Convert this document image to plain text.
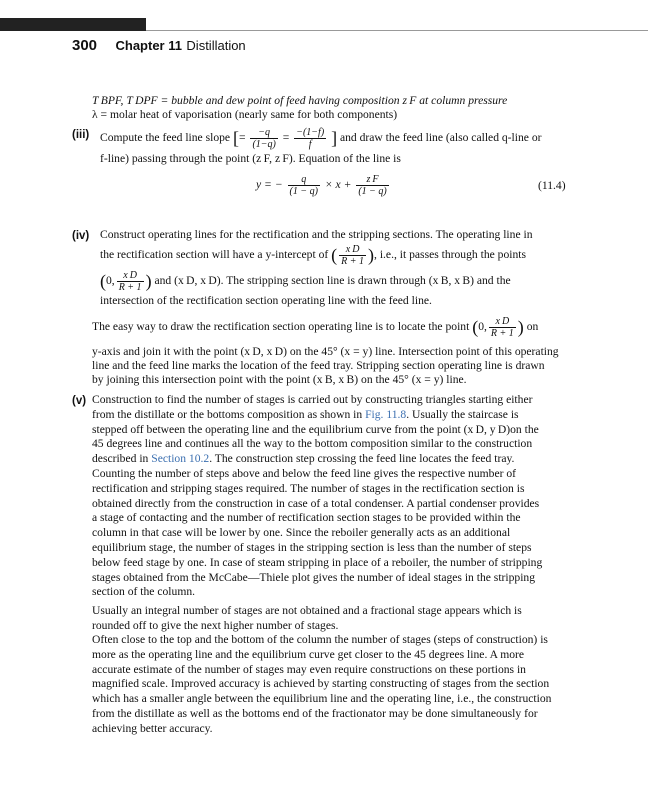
300 Chapter 11 Distillation
T BPF, T DPF = bubble and dew point of feed having composition z F at column pressure
λ = molar heat of vaporisation (nearly same for both components)
(iii) Compute the feed line slope [= $\frac{-q}{(1-q)} = \frac{-(1-f)}{f}$ ] and draw the feed line (also called q-line or
f-line) passing through the point (z F, z F). Equation of the line is
y = − $\frac{q}{(1 - q)} \times x + \frac{\text{z F}}{(1 - q)}$	(11.4)
(iv) Construct operating lines for the rectification and the stripping sections. The operating line in
the rectification section will have a y-intercept of ( $\frac{\text{x D}}{R + 1}$ ), i.e., it passes through the points
(0, $\frac{\text{x D}}{R + 1}$ ) and (x D, x D). The stripping section line is drawn through (x B, x B) and the
intersection of the rectification section operating line with the feed line.
The easy way to draw the rectification section operating line is to locate the point (0, $\frac{\text{x D}}{R + 1}$ ) on
y-axis and join it with the point (x D, x D) on the 45° (x = y) line. Intersection point of this operating
line and the feed line marks the location of the feed tray. Stripping section operating line is drawn
by joining this intersection point with the point (x B, x B) on the 45° (x = y) line.
(v) Construction to find the number of stages is carried out by constructing triangles starting either

from the distillate or the bottoms composition as shown in Fig. 11.8. Usually the staircase is

stepped off between the operating line and the equilibrium curve from the point (x D, y D)on the

45 degrees line and continues all the way to the bottom composition similar to the construction

described in Section 10.2. The construction step crossing the feed line locates the feed tray.

Counting the number of steps above and below the feed line gives the respective number of

rectification and stripping stages required. The number of stages in the rectification section is

obtained directly from the construction in case of a total condenser. A partial condenser provides

a stage of contacting and the number of rectification section stages to be provided within the

column in that case will be lower by one. Since the reboiler generally acts as an additional

equilibrium stage, the number of stages in the stripping section is less than the number of steps

below feed stage by one. In case of steam stripping in place of a reboiler, the number of stripping

stages obtained from the McCabe—Thiele plot gives the number of ideal stages in the stripping

section of the column.

Usually an integral number of stages are not obtained and a fractional stage appears which is

rounded off to give the next higher number of stages.

Often close to the top and the bottom of the column the number of stages (steps of construction) is

more as the operating line and the equilibrium curve get closer to the 45 degrees line. A more

accurate estimate of the number of stages may even require constructions on these portions in

magnified scale. Improved accuracy is achieved by starting constructing of stages from the section

which has a smaller angle between the equilibrium line and the operating line, i.e., the construction

from the distillate as well as the bottoms end of the fractionator may be done simultaneously for

achieving better accuracy.
